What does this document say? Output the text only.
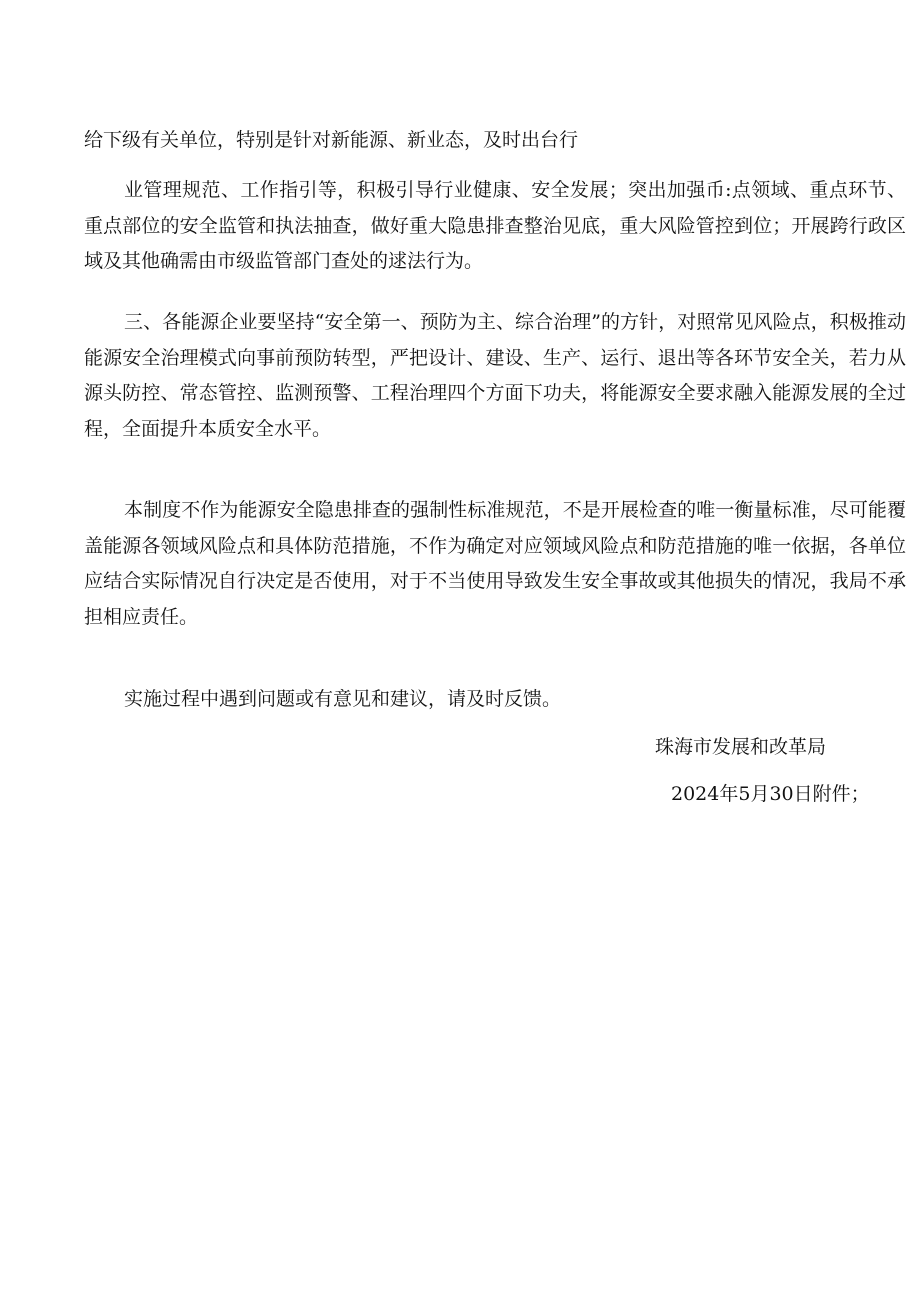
给下级有关单位，特别是针对新能源、新业态，及时出台行

业管理规范、工作指引等，积极引导行业健康、安全发展；突出加强币:点领域、重点环节、重点部位的安全监管和执法抽查，做好重大隐患排查整治见底，重大风险管控到位；开展跨行政区域及其他确需由市级监管部门查处的逑法行为。

本制度不作为能源安全隐患排查的强制性标准规范，不是开展检查的唯一衡量标准，尽可能覆盖能源各领域风险点和具体防范措施，不作为确定对应领域风险点和防范措施的唯一依据，各单位应结合实际情况自行决定是否使用，对于不当使用导致发生安全事故或其他损失的情况，我局不承担相应责任。

实施过程中遇到问题或有意见和建议，请及时反馈。

珠海市发展和改革局

2024年5月30日附件；

三、各能源企业要坚持“安全第一、预防为主、综合治理”的方针，对照常见风险点，积极推动能源安全治理模式向事前预防转型，严把设计、建设、生产、运行、退出等各环节安全关，若力从源头防控、常态管控、监测预警、工程治理四个方面下功夫，将能源安全要求融入能源发展的全过程，全面提升本质安全水平。
